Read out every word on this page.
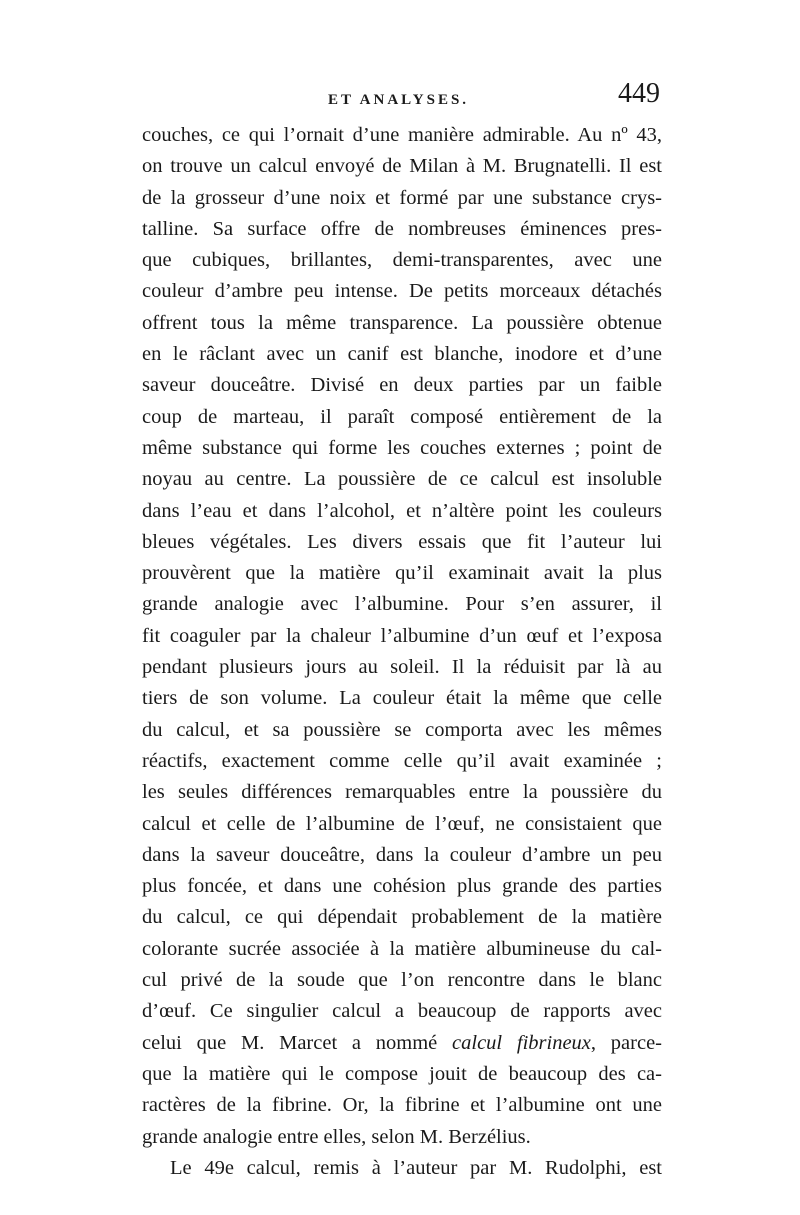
ET ANALYSES.	449
couches, ce qui l’ornait d’une manière admirable. Au nº 43,
on trouve un calcul envoyé de Milan à M. Brugnatelli. Il est
de la grosseur d’une noix et formé par une substance crys-
talline. Sa surface offre de nombreuses éminences pres-
que cubiques, brillantes, demi-transparentes, avec une
couleur d’ambre peu intense. De petits morceaux détachés
offrent tous la même transparence. La poussière obtenue
en le râclant avec un canif est blanche, inodore et d’une
saveur douceâtre. Divisé en deux parties par un faible
coup de marteau, il paraît composé entièrement de la
même substance qui forme les couches externes ; point de
noyau au centre. La poussière de ce calcul est insoluble
dans l’eau et dans l’alcohol, et n’altère point les couleurs
bleues végétales. Les divers essais que fit l’auteur lui
prouvèrent que la matière qu’il examinait avait la plus
grande analogie avec l’albumine. Pour s’en assurer, il
fit coaguler par la chaleur l’albumine d’un œuf et l’exposa
pendant plusieurs jours au soleil. Il la réduisit par là au
tiers de son volume. La couleur était la même que celle
du calcul, et sa poussière se comporta avec les mêmes
réactifs, exactement comme celle qu’il avait examinée ;
les seules différences remarquables entre la poussière du
calcul et celle de l’albumine de l’œuf, ne consistaient que
dans la saveur douceâtre, dans la couleur d’ambre un peu
plus foncée, et dans une cohésion plus grande des parties
du calcul, ce qui dépendait probablement de la matière
colorante sucrée associée à la matière albumineuse du cal-
cul privé de la soude que l’on rencontre dans le blanc
d’œuf. Ce singulier calcul a beaucoup de rapports avec
celui que M. Marcet a nommé calcul fibrineux, parce-
que la matière qui le compose jouit de beaucoup des ca-
ractères de la fibrine. Or, la fibrine et l’albumine ont une
grande analogie entre elles, selon M. Berzélius.
Le 49e calcul, remis à l’auteur par M. Rudolphi, est
